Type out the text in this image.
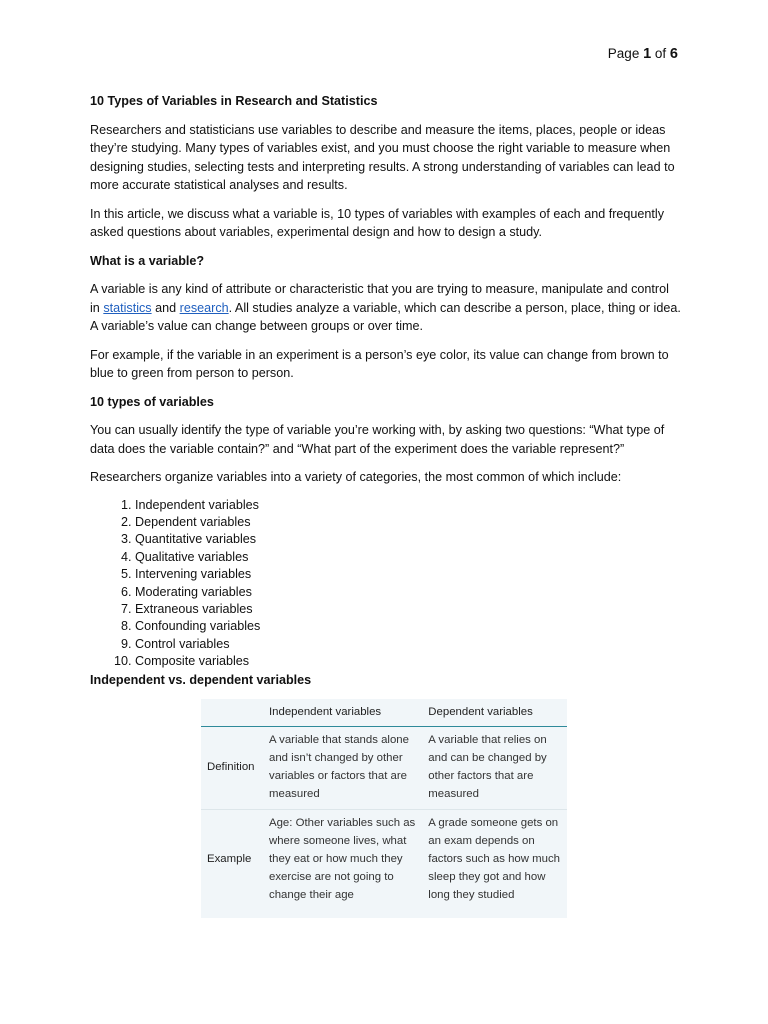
Page 1 of 6

10 Types of Variables in Research and Statistics

Researchers and statisticians use variables to describe and measure the items, places, people or ideas they’re studying. Many types of variables exist, and you must choose the right variable to measure when designing studies, selecting tests and interpreting results. A strong understanding of variables can lead to more accurate statistical analyses and results.

In this article, we discuss what a variable is, 10 types of variables with examples of each and frequently asked questions about variables, experimental design and how to design a study.

What is a variable?

A variable is any kind of attribute or characteristic that you are trying to measure, manipulate and control in statistics and research. All studies analyze a variable, which can describe a person, place, thing or idea. A variable’s value can change between groups or over time.

For example, if the variable in an experiment is a person’s eye color, its value can change from brown to blue to green from person to person.

10 types of variables

You can usually identify the type of variable you’re working with, by asking two questions: “What type of data does the variable contain?” and “What part of the experiment does the variable represent?”

Researchers organize variables into a variety of categories, the most common of which include:

1. Independent variables
2. Dependent variables
3. Quantitative variables
4. Qualitative variables
5. Intervening variables
6. Moderating variables
7. Extraneous variables
8. Confounding variables
9. Control variables
10. Composite variables

Independent vs. dependent variables

	Independent variables	Dependent variables
Definition	A variable that stands alone and isn’t changed by other variables or factors that are measured	A variable that relies on and can be changed by other factors that are measured
Example	Age: Other variables such as where someone lives, what they eat or how much they exercise are not going to change their age	A grade someone gets on an exam depends on factors such as how much sleep they got and how long they studied
